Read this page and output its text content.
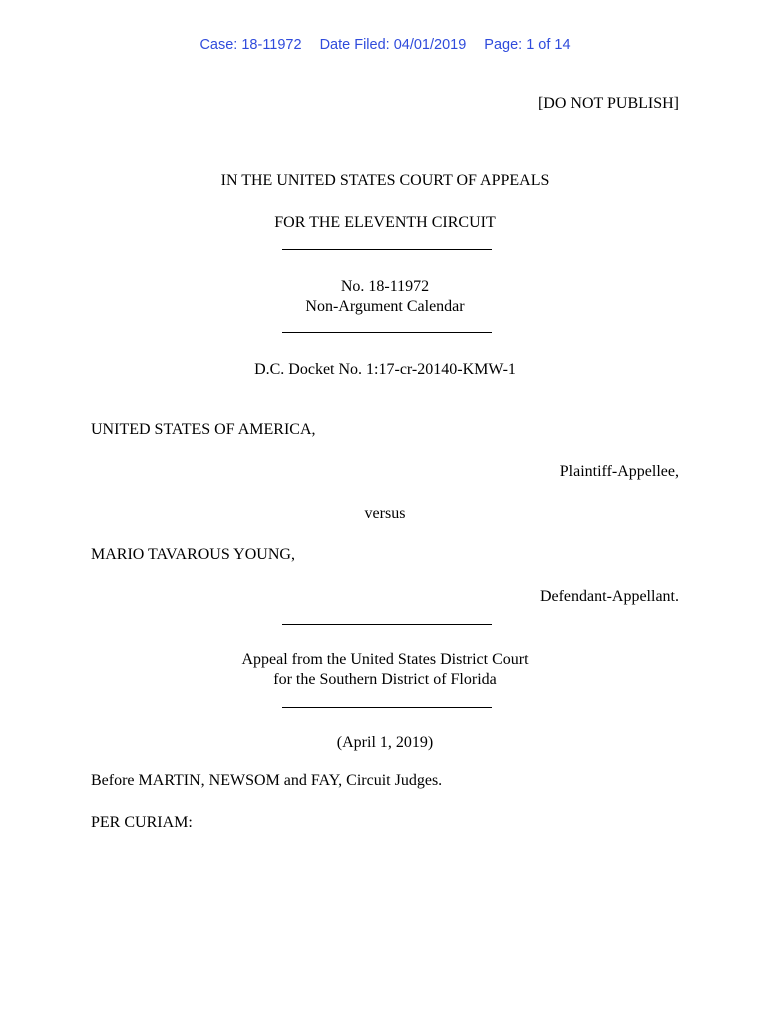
Case: 18-11972 Date Filed: 04/01/2019 Page: 1 of 14
[DO NOT PUBLISH]
IN THE UNITED STATES COURT OF APPEALS
FOR THE ELEVENTH CIRCUIT
No. 18-11972
Non-Argument Calendar
D.C. Docket No. 1:17-cr-20140-KMW-1
UNITED STATES OF AMERICA,
Plaintiff-Appellee,
versus
MARIO TAVAROUS YOUNG,
Defendant-Appellant.
Appeal from the United States District Court
for the Southern District of Florida
(April 1, 2019)
Before MARTIN, NEWSOM and FAY, Circuit Judges.
PER CURIAM:
